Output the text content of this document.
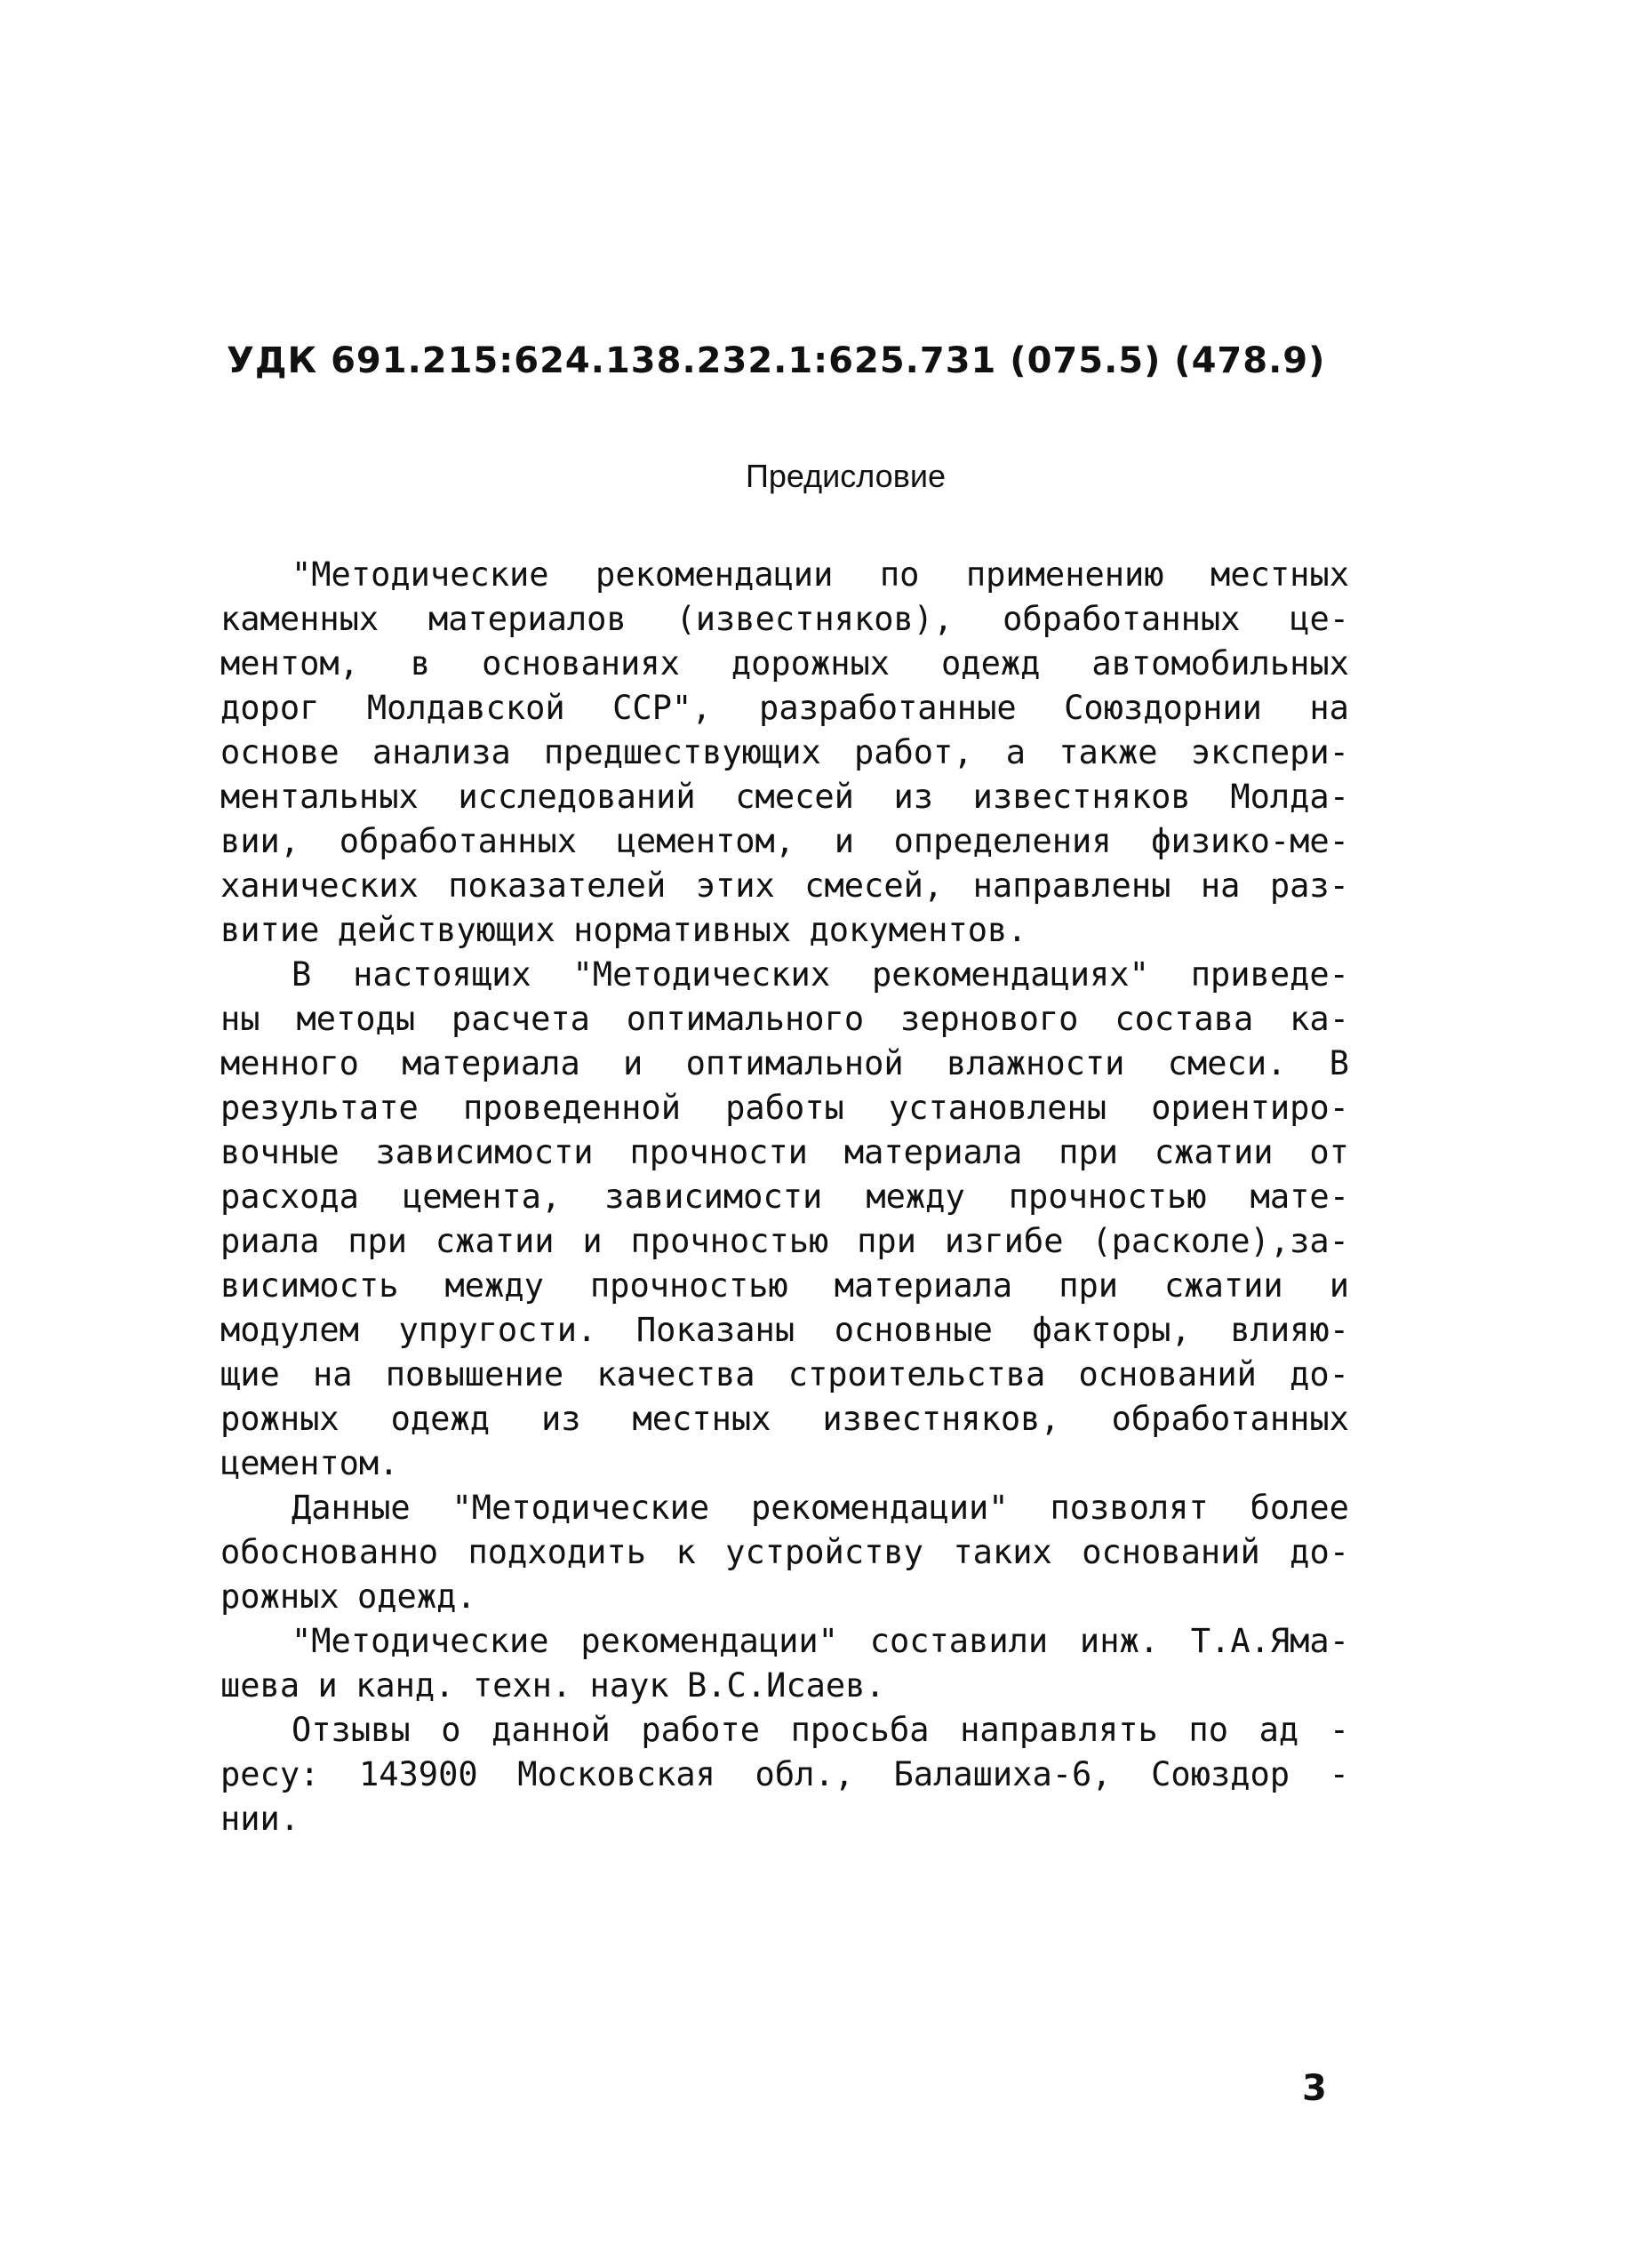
УДК 691.215:624.138.232.1:625.731 (075.5) (478.9)
Предисловие
"Методические рекомендации по применению местных
каменных материалов (известняков), обработанных це-
ментом, в основаниях дорожных одежд автомобильных
дорог Молдавской ССР", разработанные Союздорнии на
основе анализа предшествующих работ, а также экспери-
ментальных исследований смесей из известняков Молда-
вии, обработанных цементом, и определения физико-ме-
ханических показателей этих смесей, направлены на раз-
витие действующих нормативных документов.
В настоящих "Методических рекомендациях" приведе-
ны методы расчета оптимального зернового состава ка-
менного материала и оптимальной влажности смеси. В
результате проведенной работы установлены ориентиро-
вочные зависимости прочности материала при сжатии от
расхода цемента, зависимости между прочностью мате-
риала при сжатии и прочностью при изгибе (расколе),за-
висимость между прочностью материала при сжатии и
модулем упругости. Показаны основные факторы, влияю-
щие на повышение качества строительства оснований до-
рожных одежд из местных известняков, обработанных
цементом.
Данные "Методические рекомендации" позволят более
обоснованно подходить к устройству таких оснований до-
рожных одежд.
"Методические рекомендации" составили инж. Т.А.Яма-
шева и канд. техн. наук В.С.Исаев.
Отзывы о данной работе просьба направлять по ад -
ресу: 143900 Московская обл., Балашиха-6, Союздор -
нии.
3
